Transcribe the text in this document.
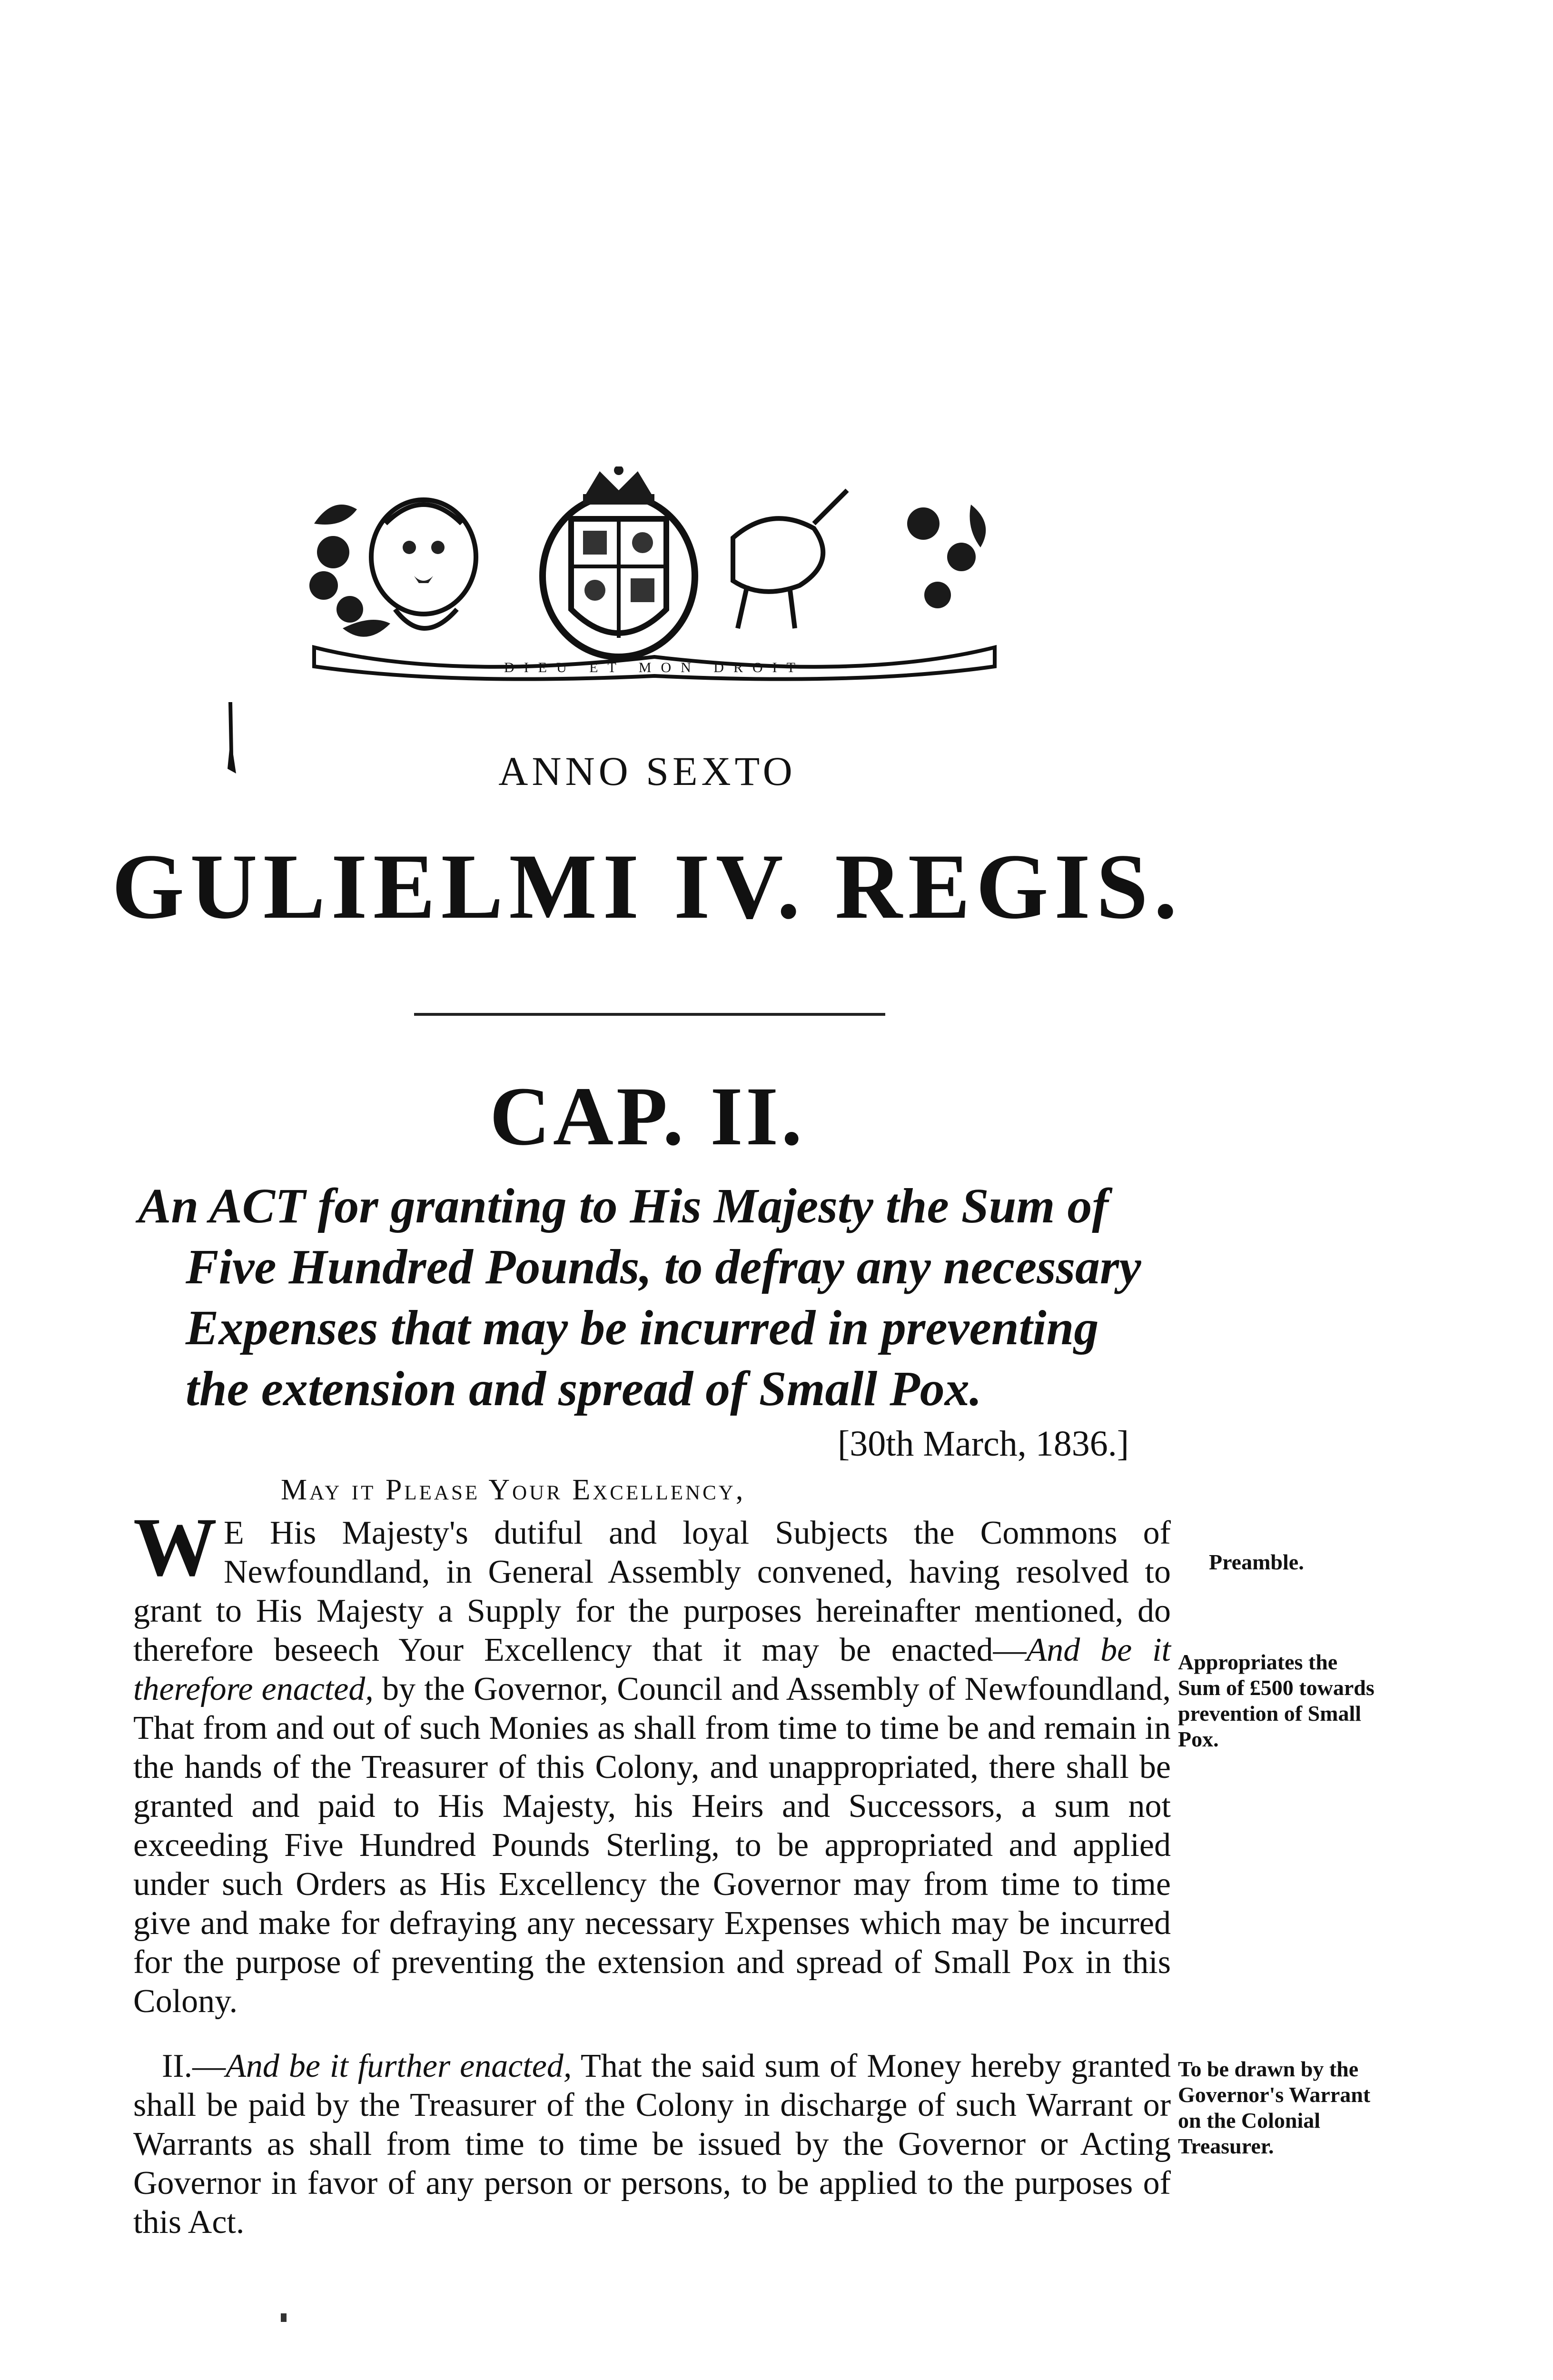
DIEU ET MON DROIT
ANNO SEXTO
GULIELMI IV. REGIS.
CAP. II.
An ACT for granting to His Majesty the Sum of
Five Hundred Pounds, to defray any necessary
Expenses that may be incurred in preventing
the extension and spread of Small Pox.
[30th March, 1836.]
May it Please Your Excellency,
W E His Majesty's dutiful and loyal Subjects the Commons of Newfoundland, in General Assembly convened, having resolved to grant to His Majesty a Supply for the purposes hereinafter mentioned, do therefore beseech Your Excellency that it may be enacted—And be it therefore enacted, by the Governor, Council and Assembly of Newfoundland, That from and out of such Monies as shall from time to time be and remain in the hands of the Treasurer of this Colony, and unappropriated, there shall be granted and paid to His Majesty, his Heirs and Successors, a sum not exceeding Five Hundred Pounds Sterling, to be appropriated and applied under such Orders as His Excellency the Governor may from time to time give and make for defraying any necessary Expenses which may be incurred for the purpose of preventing the extension and spread of Small Pox in this Colony.
II.—And be it further enacted, That the said sum of Money hereby granted shall be paid by the Treasurer of the Colony in discharge of such Warrant or Warrants as shall from time to time be issued by the Governor or Acting Governor in favor of any person or persons, to be applied to the purposes of this Act.
Preamble.
Appropriates the Sum of £500 towards prevention of Small Pox.
To be drawn by the Governor's Warrant on the Colonial Treasurer.
